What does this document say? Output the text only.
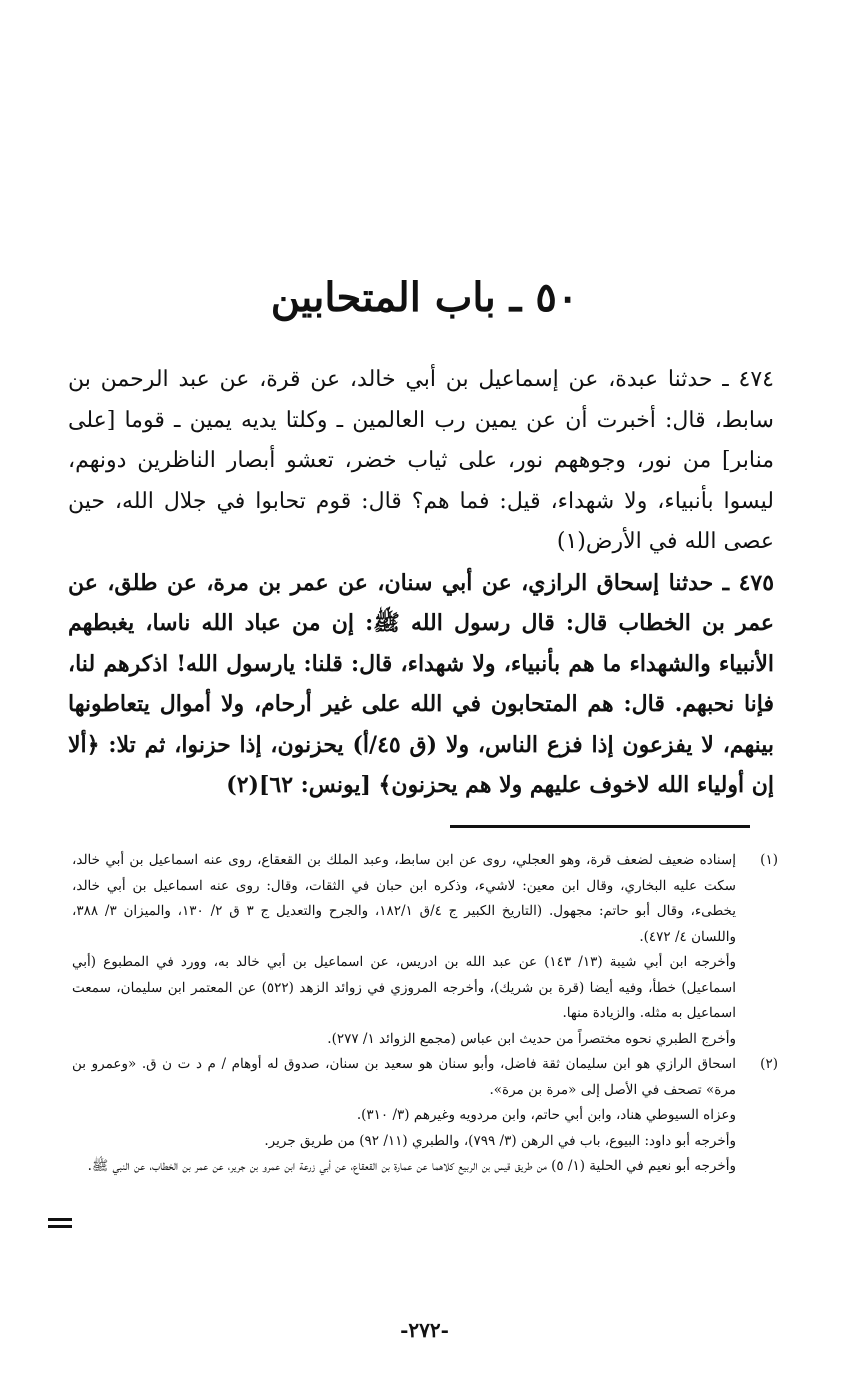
٥٠ ـ باب المتحابين

٤٧٤ ـ حدثنا عبدة، عن إسماعيل بن أبي خالد، عن قرة، عن عبد الرحمن بن سابط، قال: أخبرت أن عن يمين رب العالمين ـ وكلتا يديه يمين ـ قوما [على منابر] من نور، وجوههم نور، على ثياب خضر، تعشو أبصار الناظرين دونهم، ليسوا بأنبياء، ولا شهداء، قيل: فما هم؟ قال: قوم تحابوا في جلال الله، حين عصى الله في الأرض(١)

٤٧٥ ـ حدثنا إسحاق الرازي، عن أبي سنان، عن عمر بن مرة، عن طلق، عن عمر بن الخطاب قال: قال رسول الله ﷺ: إن من عباد الله ناسا، يغبطهم الأنبياء والشهداء ما هم بأنبياء، ولا شهداء، قال: قلنا: يارسول الله! اذكرهم لنا، فإنا نحبهم. قال: هم المتحابون في الله على غير أرحام، ولا أموال يتعاطونها بينهم، لا يفزعون إذا فزع الناس، ولا (ق ٤٥/أ) يحزنون، إذا حزنوا، ثم تلا: ﴿ألا إن أولياء الله لاخوف عليهم ولا هم يحزنون﴾ [يونس: ٦٢](٢)

(١)

إسناده ضعيف لضعف قرة، وهو العجلي، روى عن ابن سابط، وعبد الملك بن القعقاع، روى عنه اسماعيل بن أبي خالد، سكت عليه البخاري، وقال ابن معين: لاشيء، وذكره ابن حبان في الثقات، وقال: روى عنه اسماعيل بن أبي خالد، يخطىء، وقال أبو حاتم: مجهول. (التاريخ الكبير ج ٤/ق ١٨٢/١، والجرح والتعديل ج ٣ ق ٢/ ١٣٠، والميزان ٣/ ٣٨٨، واللسان ٤/ ٤٧٢).

وأخرجه ابن أبي شيبة (١٣/ ١٤٣) عن عبد الله بن ادريس، عن اسماعيل بن أبي خالد به، وورد في المطبوع (أبي اسماعيل) خطأ، وفيه أيضا (قرة بن شريك)، وأخرجه المروزي في زوائد الزهد (٥٢٢) عن المعتمر ابن سليمان، سمعت اسماعيل به مثله. والزيادة منها.

وأخرج الطبري نحوه مختصراً من حديث ابن عباس (مجمع الزوائد ١/ ٢٧٧).

(٢)

اسحاق الرازي هو ابن سليمان ثقة فاضل، وأبو سنان هو سعيد بن سنان، صدوق له أوهام / م د ت ن ق. «وعمرو بن مرة» تصحف في الأصل إلى «مرة بن مرة».

وعزاه السيوطي هناد، وابن أبي حاتم، وابن مردويه وغيرهم (٣/ ٣١٠).

وأخرجه أبو داود: البيوع، باب في الرهن (٣/ ٧٩٩)، والطبري (١١/ ٩٢) من طريق جرير.

وأخرجه أبو نعيم في الحلية (١/ ٥) من طريق قيس بن الربيع كلاهما عن عمارة بن القعقاع، عن أبي زرعة ابن عمرو بن جرير، عن عمر بن الخطاب، عن النبي ﷺ.

-٢٧٢-
